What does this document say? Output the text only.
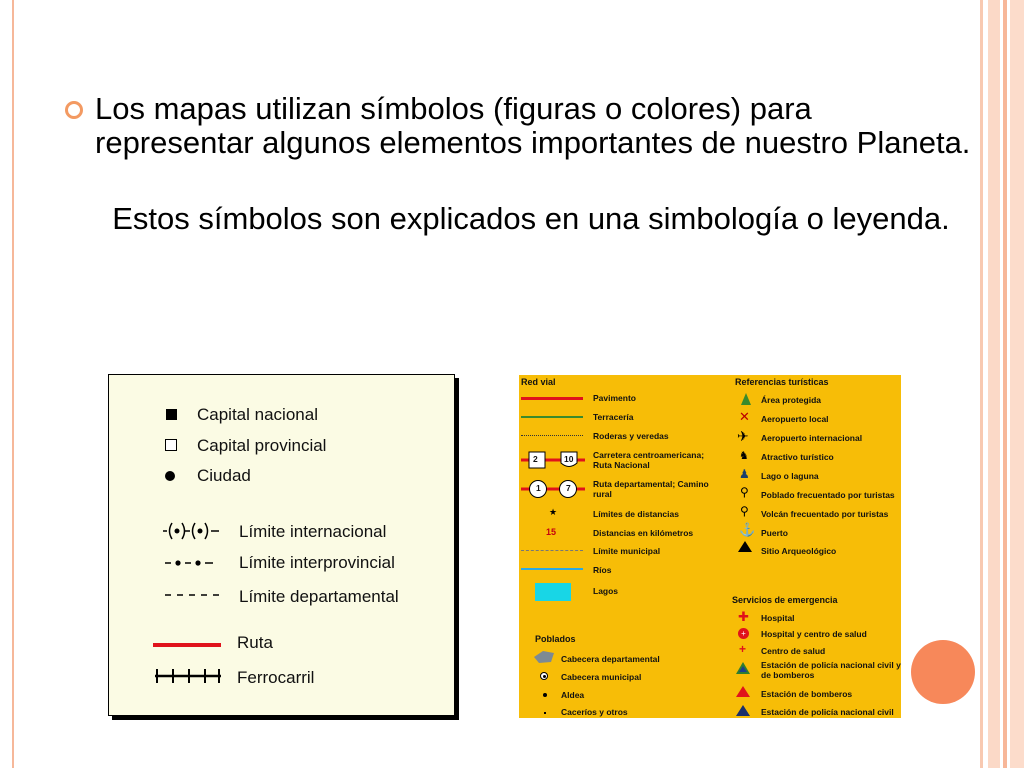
Los mapas utilizan símbolos (figuras o colores) para representar algunos elementos importantes de nuestro Planeta.
Estos símbolos son explicados en una simbología o leyenda.
Capital nacional
Capital provincial
Ciudad
Límite internacional
Límite interprovincial
Límite departamental
Ruta
Ferrocarril
Red vial
Pavimento
Terracería
Roderas y veredas
2	10 Carretera centroamericana; Ruta Nacional
1	7	Ruta departamental; Camino rural
★	Límites de distancias
15	Distancias en kilómetros
Límite municipal
Ríos
Lagos
Poblados
Cabecera departamental
Cabecera municipal
Aldea
Caceríos y otros
Referencias turísticas
Área protegida
✕ Aeropuerto local
✈ Aeropuerto internacional
♞ Atractivo turístico
♟ Lago o laguna
⚲ Poblado frecuentado por turistas
⚲ Volcán frecuentado por turistas
⚓ Puerto
Sitio Arqueológico
Servicios de emergencia
✚ Hospital
+	Hospital y centro de salud
+ Centro de salud
Estación de policía nacional civil y de bomberos
Estación de bomberos
Estación de policía nacional civil
